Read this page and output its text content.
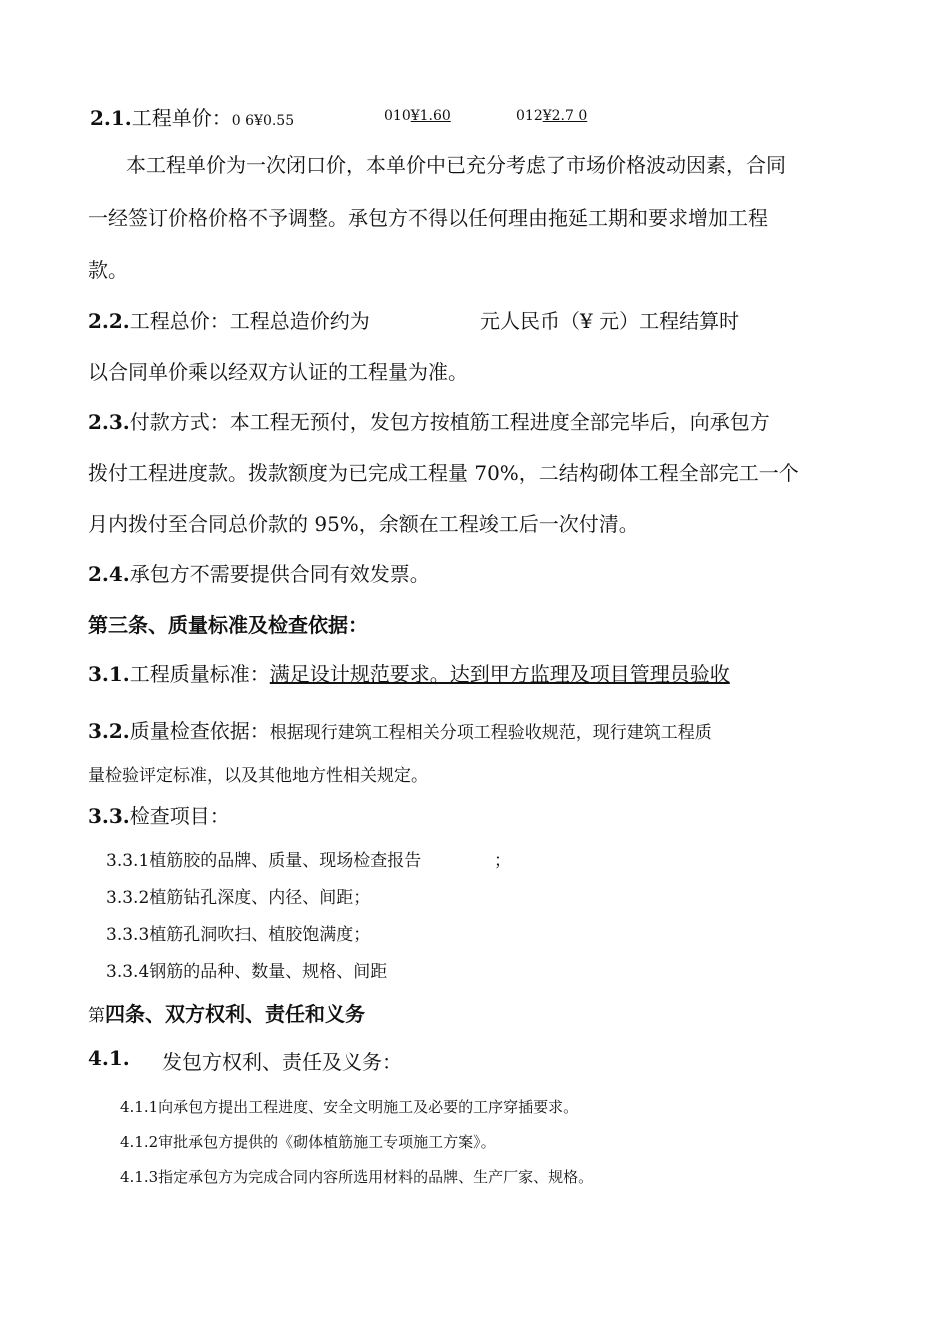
2.1.工程单价：0 6¥0.55	010¥1.60	012¥2.7 0
本工程单价为一次闭口价，本单价中已充分考虑了市场价格波动因素，合同
一经签订价格价格不予调整。承包方不得以任何理由拖延工期和要求增加工程
款。
2.2.工程总价：工程总造价约为	元人民币（¥ 元）工程结算时
以合同单价乘以经双方认证的工程量为准。
2.3.付款方式：本工程无预付，发包方按植筋工程进度全部完毕后，向承包方
拨付工程进度款。拨款额度为已完成工程量 70%，二结构砌体工程全部完工一个
月内拨付至合同总价款的 95%，余额在工程竣工后一次付清。
2.4.承包方不需要提供合同有效发票。
第三条、质量标准及检查依据：
3.1.工程质量标准：满足设计规范要求。达到甲方监理及项目管理员验收
3.2.质量检查依据：根据现行建筑工程相关分项工程验收规范，现行建筑工程质
量检验评定标准，以及其他地方性相关规定。
3.3.检查项目：
3.3.1植筋胶的品牌、质量、现场检查报告	；
3.3.2植筋钻孔深度、内径、间距；
3.3.3植筋孔洞吹扫、植胶饱满度；
3.3.4钢筋的品种、数量、规格、间距
第四条、双方权利、责任和义务
4.1. 发包方权利、责任及义务：
4.1.1向承包方提出工程进度、安全文明施工及必要的工序穿插要求。
4.1.2审批承包方提供的《砌体植筋施工专项施工方案》。
4.1.3指定承包方为完成合同内容所选用材料的品牌、生产厂家、规格。
